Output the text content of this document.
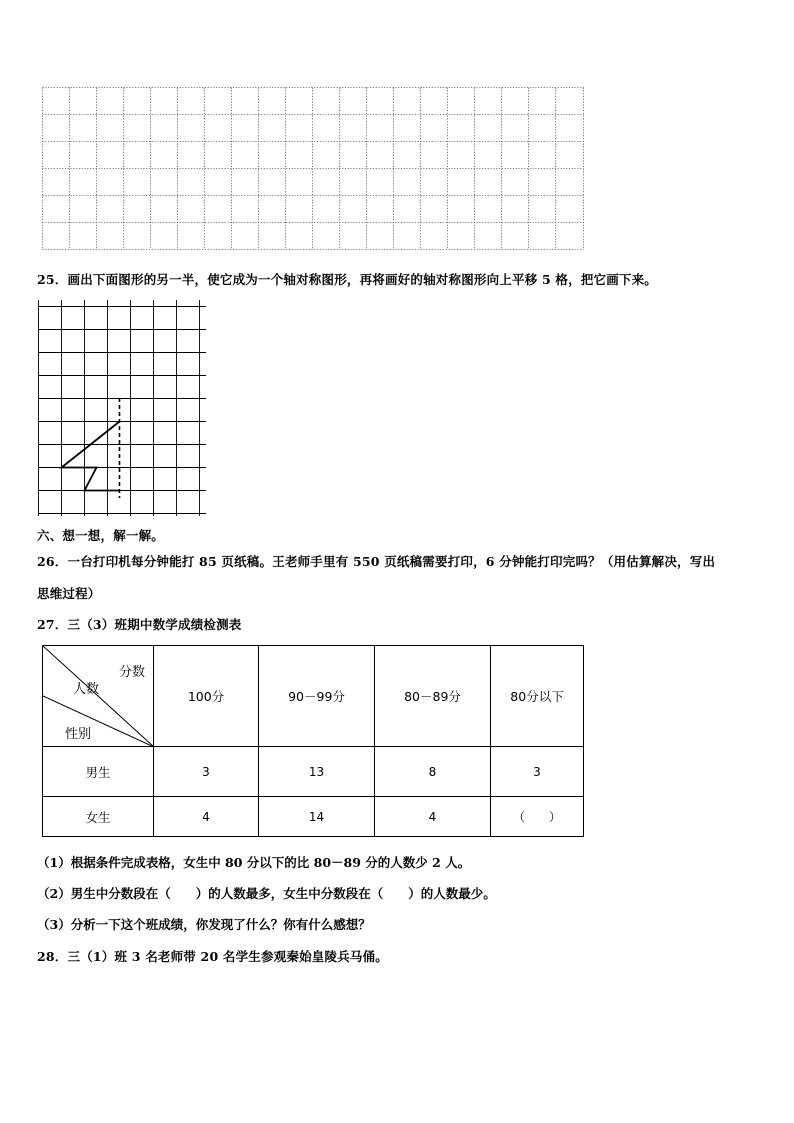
25．画出下面图形的另一半，使它成为一个轴对称图形，再将画好的轴对称图形向上平移 5 格，把它画下来。
六、想一想，解一解。
26．一台打印机每分钟能打 85 页纸稿。王老师手里有 550 页纸稿需要打印，6 分钟能打印完吗？（用估算解决，写出
思维过程）
27．三（3）班期中数学成绩检测表
分数
人数
性别	100分	90－99分	80－89分	80分以下
男生	3	13	8	3
女生	4	14	4	（　　）
（1）根据条件完成表格，女生中 80 分以下的比 80－89 分的人数少 2 人。
（2）男生中分数段在（　　）的人数最多，女生中分数段在（　　）的人数最少。
（3）分析一下这个班成绩，你发现了什么？你有什么感想？
28．三（1）班 3 名老师带 20 名学生参观秦始皇陵兵马俑。
